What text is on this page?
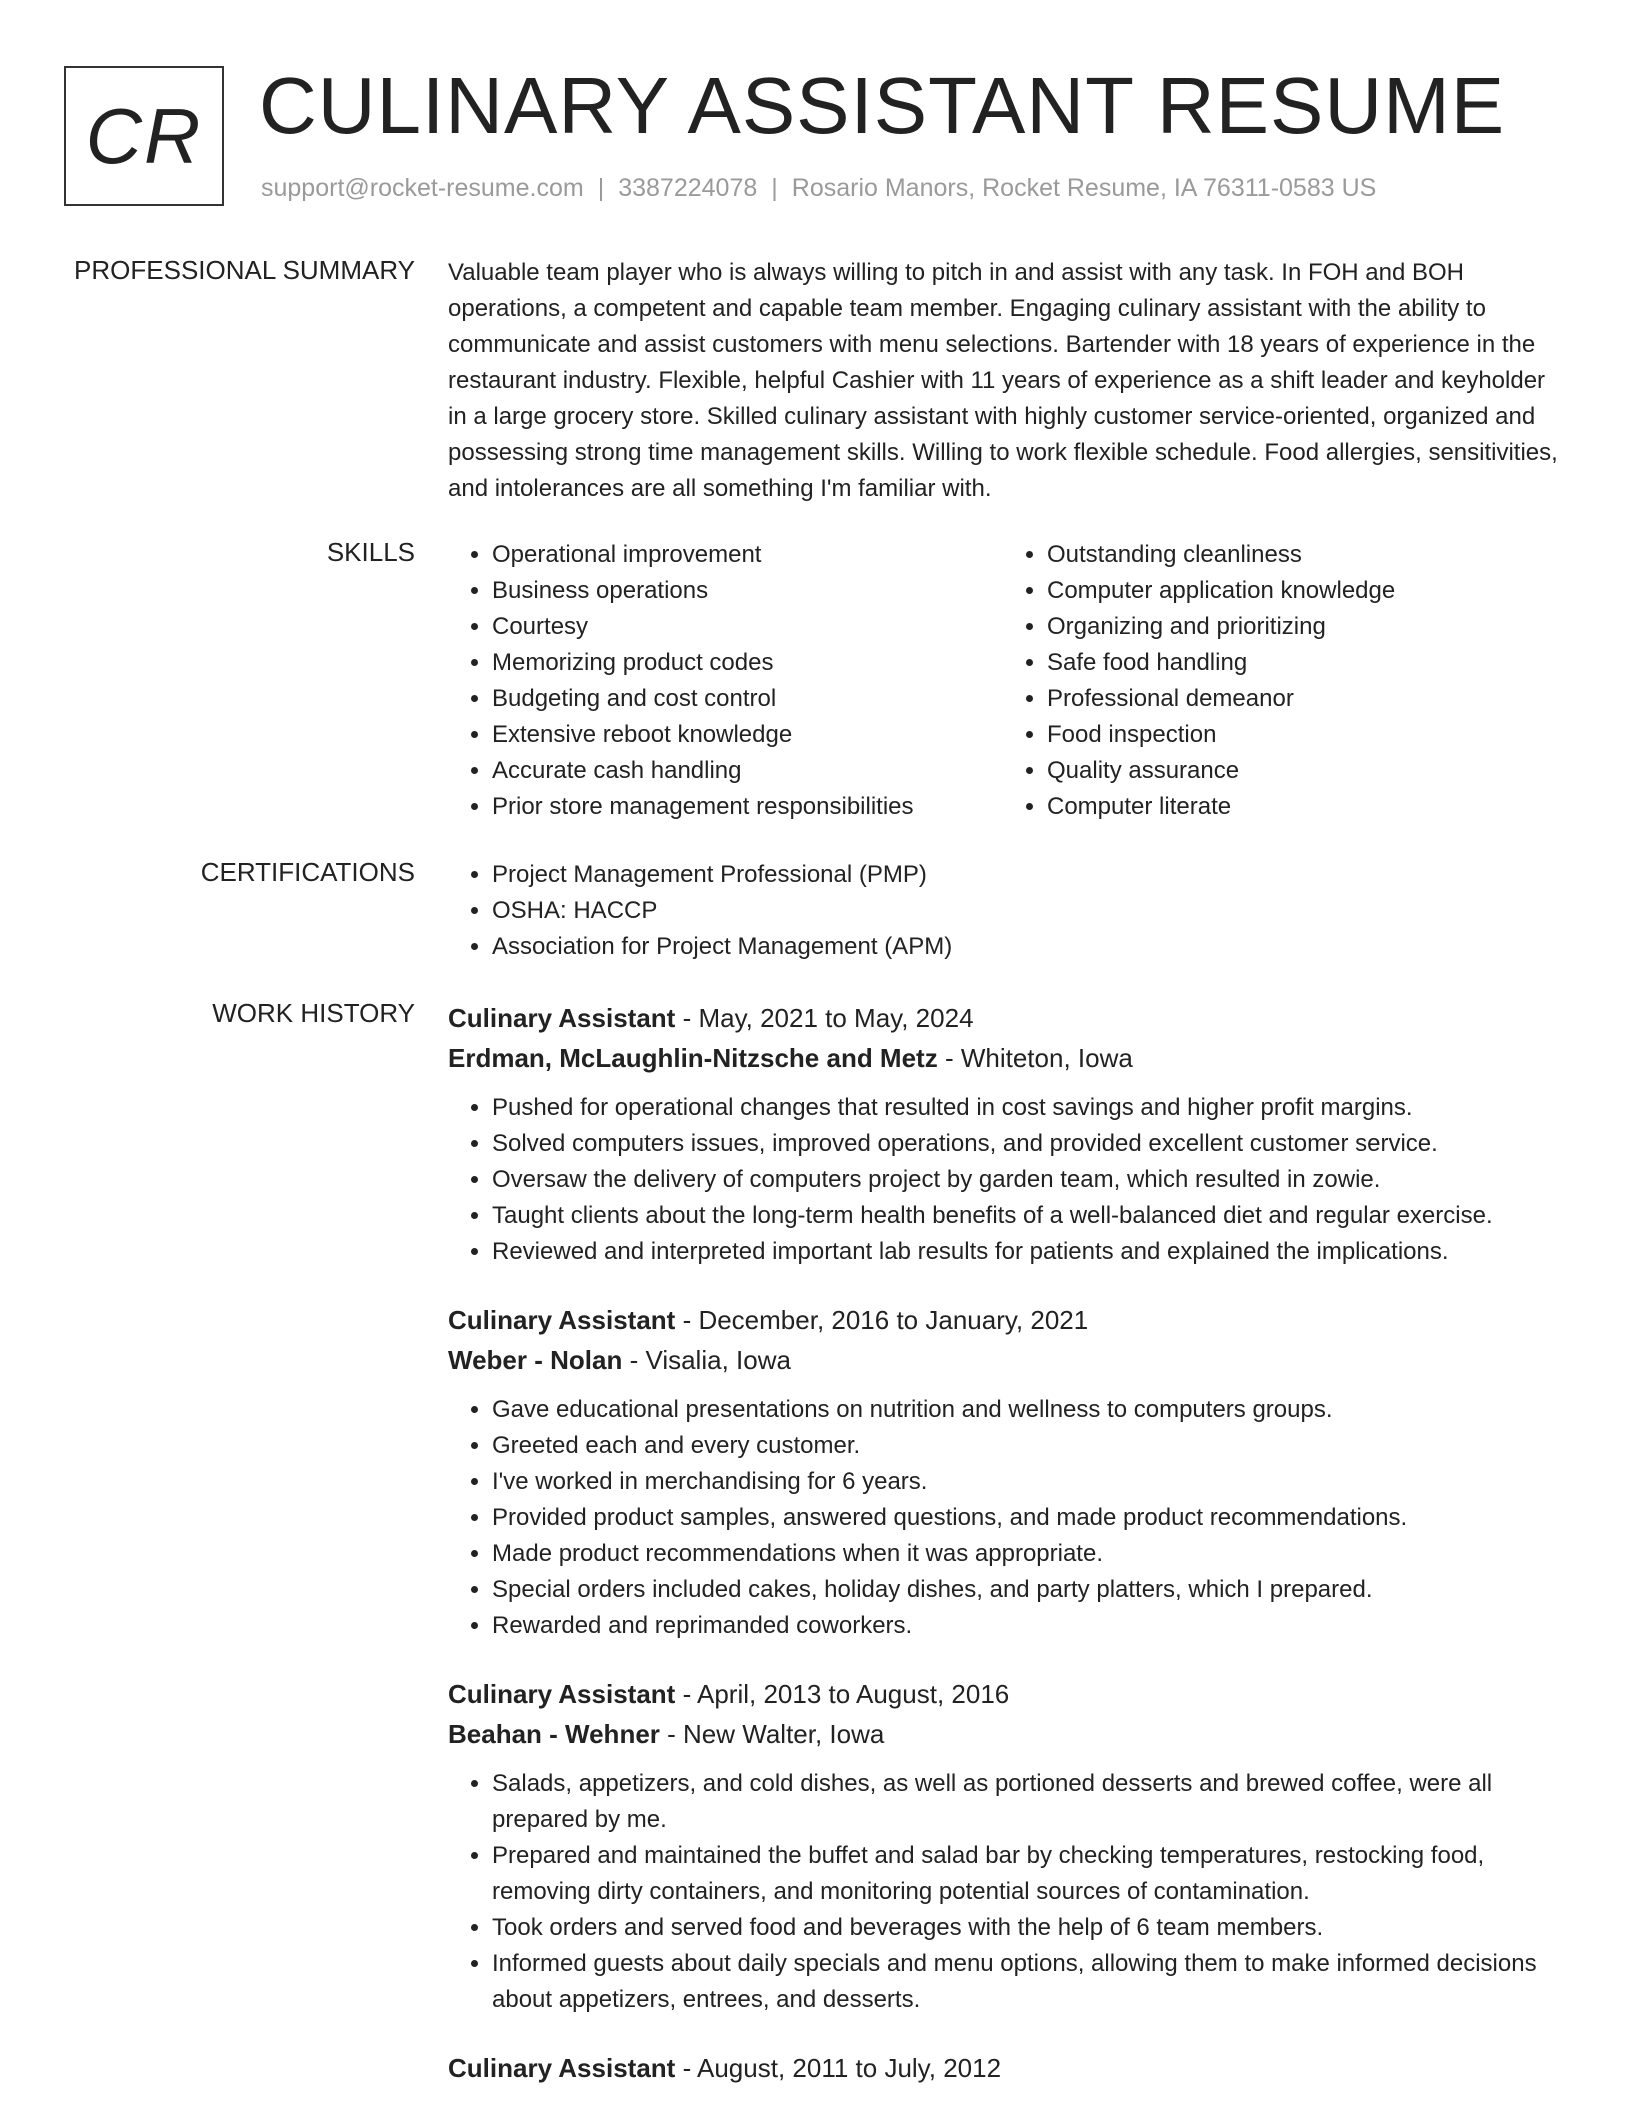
CR CULINARY ASSISTANT RESUME
support@rocket-resume.com | 3387224078 | Rosario Manors, Rocket Resume, IA 76311-0583 US
PROFESSIONAL SUMMARY Valuable team player who is always willing to pitch in and assist with any task. In FOH and BOH operations, a competent and capable team member. Engaging culinary assistant with the ability to communicate and assist customers with menu selections. Bartender with 18 years of experience in the restaurant industry. Flexible, helpful Cashier with 11 years of experience as a shift leader and keyholder in a large grocery store. Skilled culinary assistant with highly customer service-oriented, organized and possessing strong time management skills. Willing to work flexible schedule. Food allergies, sensitivities, and intolerances are all something I'm familiar with.

SKILLS	• Operational improvement
• Business operations
• Courtesy
• Memorizing product codes
• Budgeting and cost control
• Extensive reboot knowledge
• Accurate cash handling
• Prior store management responsibilities
• Outstanding cleanliness
• Computer application knowledge
• Organizing and prioritizing
• Safe food handling
• Professional demeanor
• Food inspection
• Quality assurance
• Computer literate
CERTIFICATIONS	• Project Management Professional (PMP)
• OSHA: HACCP
• Association for Project Management (APM)
WORK HISTORY Culinary Assistant - May, 2021 to May, 2024
Erdman, McLaughlin-Nitzsche and Metz - Whiteton, Iowa
• Pushed for operational changes that resulted in cost savings and higher profit margins.
• Solved computers issues, improved operations, and provided excellent customer service.
• Oversaw the delivery of computers project by garden team, which resulted in zowie.
• Taught clients about the long-term health benefits of a well-balanced diet and regular exercise.
• Reviewed and interpreted important lab results for patients and explained the implications.
Culinary Assistant - December, 2016 to January, 2021
Weber - Nolan - Visalia, Iowa
• Gave educational presentations on nutrition and wellness to computers groups.
• Greeted each and every customer.
• I've worked in merchandising for 6 years.
• Provided product samples, answered questions, and made product recommendations.
• Made product recommendations when it was appropriate.
• Special orders included cakes, holiday dishes, and party platters, which I prepared.
• Rewarded and reprimanded coworkers.
Culinary Assistant - April, 2013 to August, 2016
Beahan - Wehner - New Walter, Iowa
• Salads, appetizers, and cold dishes, as well as portioned desserts and brewed coffee, were all prepared by me.
• Prepared and maintained the buffet and salad bar by checking temperatures, restocking food, removing dirty containers, and monitoring potential sources of contamination.
• Took orders and served food and beverages with the help of 6 team members.
• Informed guests about daily specials and menu options, allowing them to make informed decisions about appetizers, entrees, and desserts.
Culinary Assistant - August, 2011 to July, 2012
